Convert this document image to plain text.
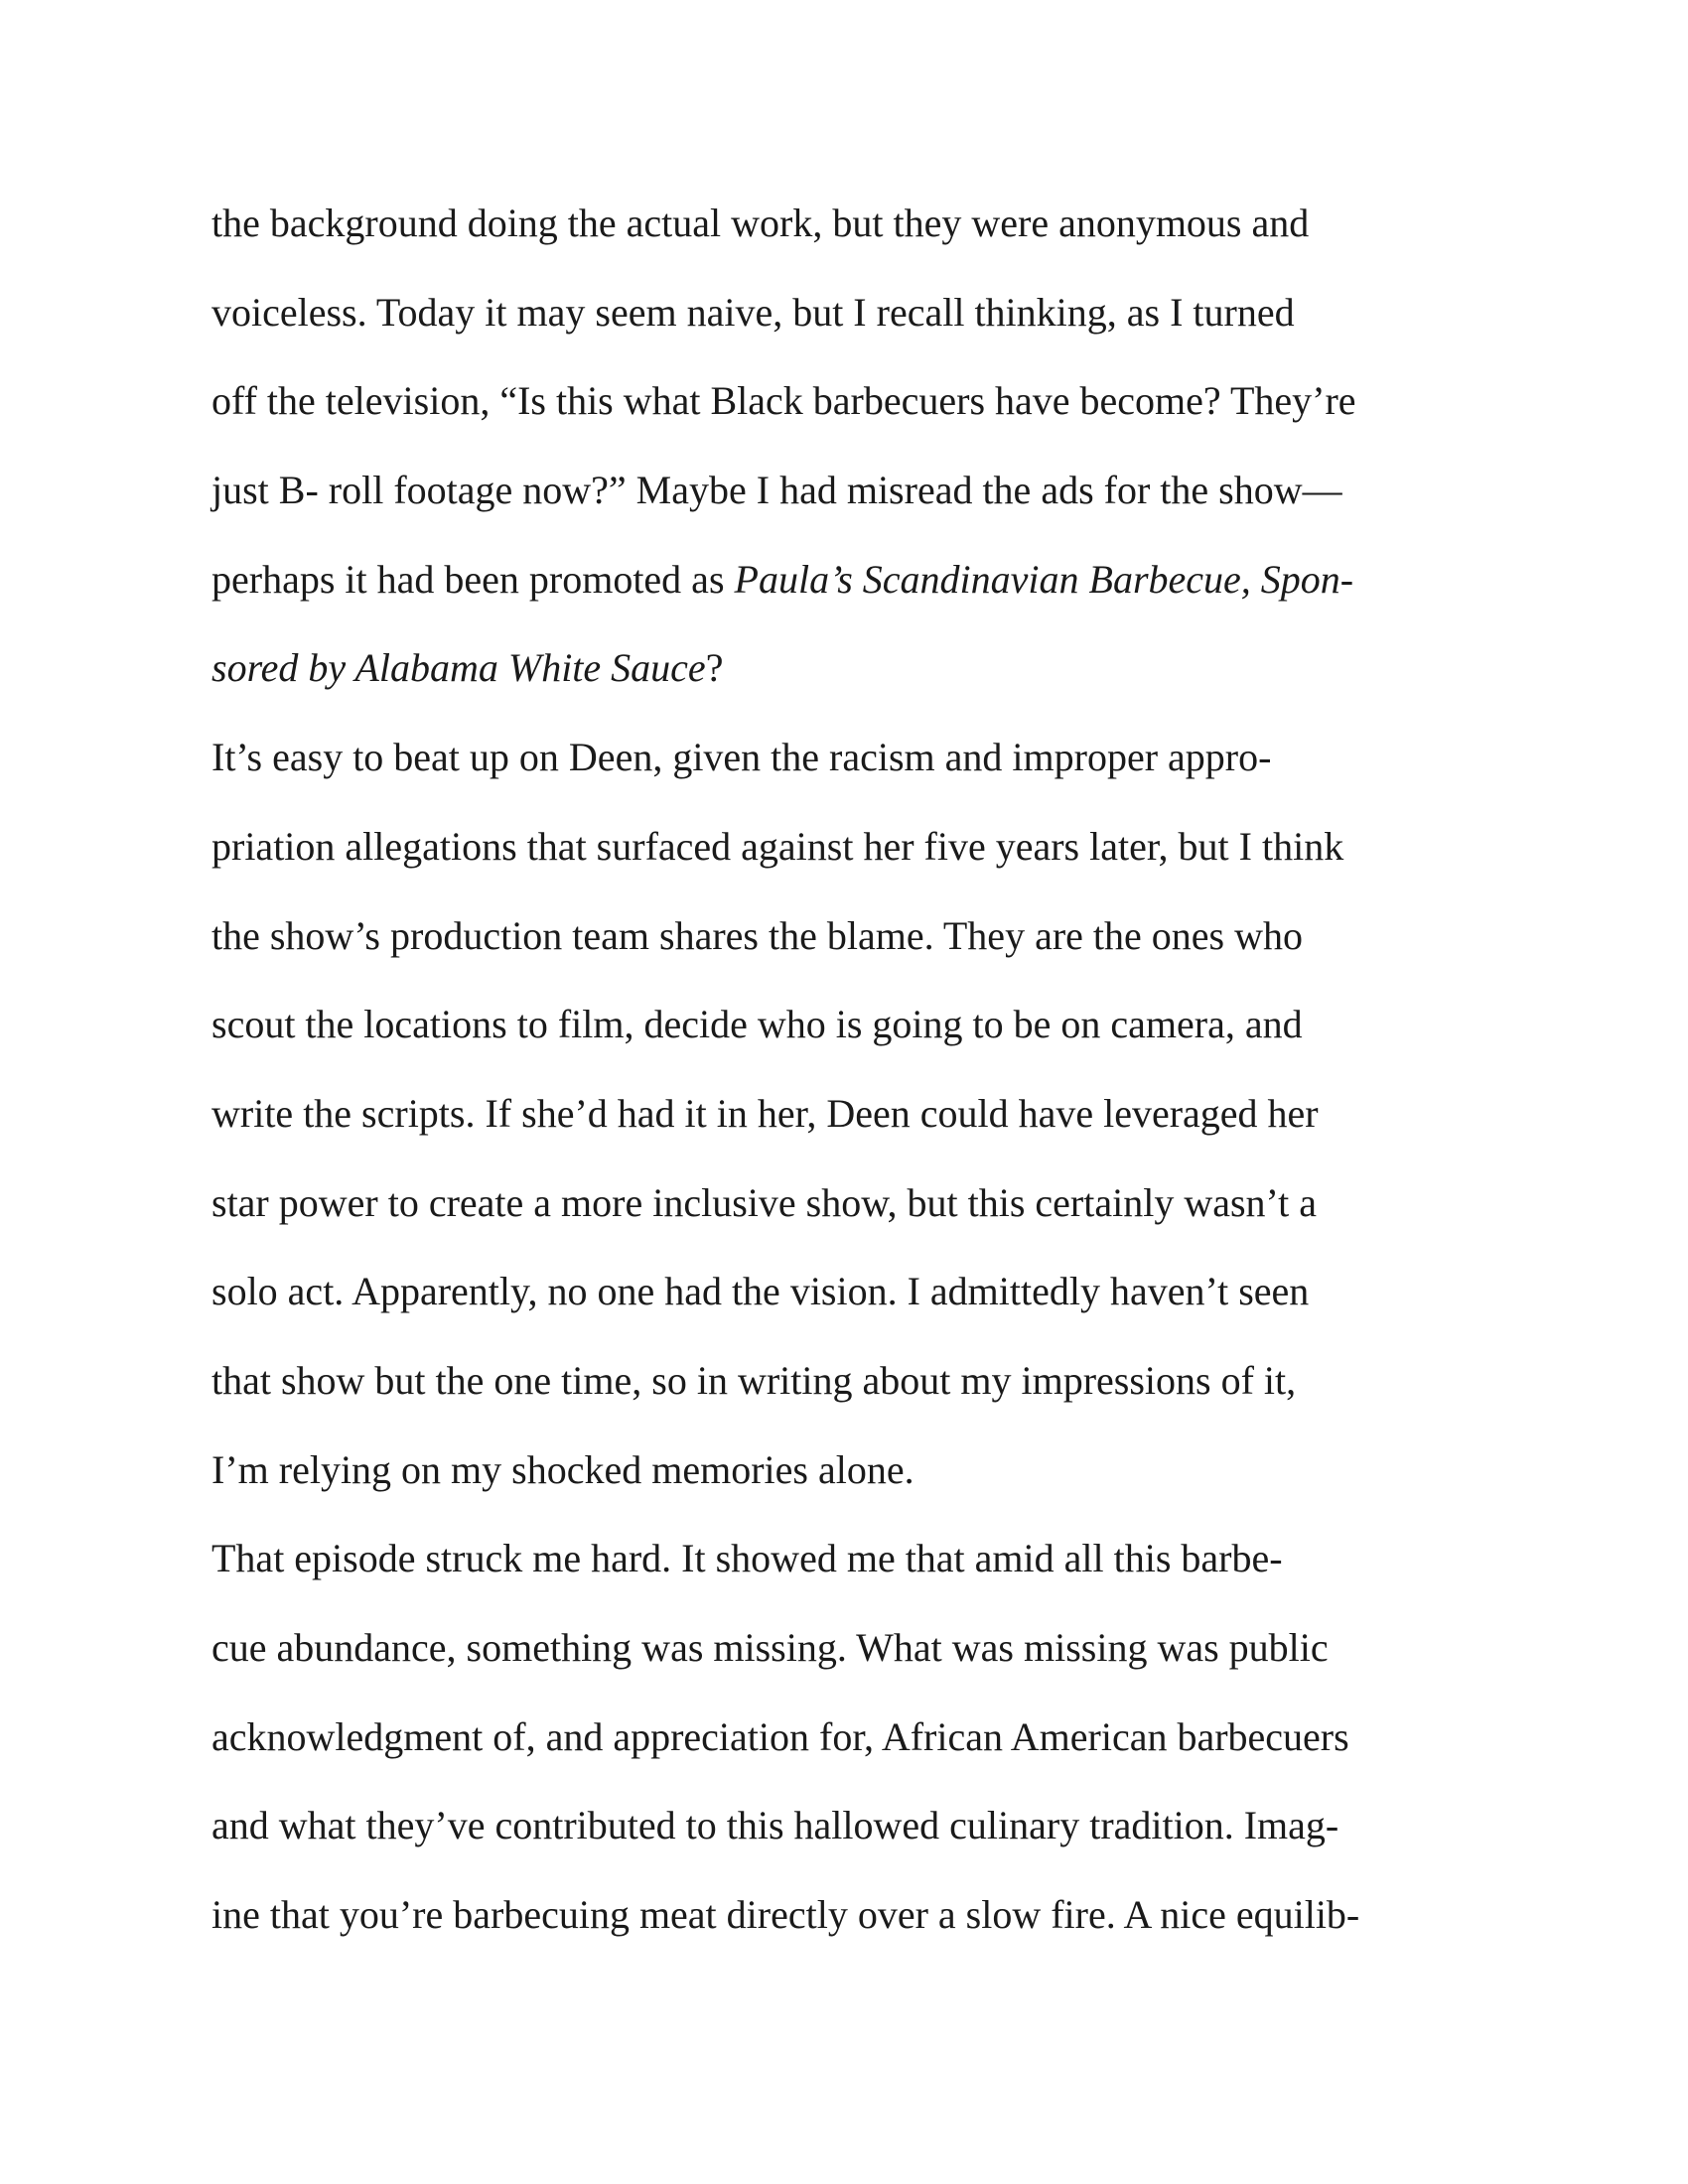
the background doing the actual work, but they were anonymous and
voiceless. Today it may seem naive, but I recall thinking, as I turned
off the television, “Is this what Black barbecuers have become? They’re
just B- roll footage now?” Maybe I had misread the ads for the show—
perhaps it had been promoted as Paula’s Scandinavian Barbecue, Spon-
sored by Alabama White Sauce?
It’s easy to beat up on Deen, given the racism and improper appro-
priation allegations that surfaced against her five years later, but I think
the show’s production team shares the blame. They are the ones who
scout the locations to film, decide who is going to be on camera, and
write the scripts. If she’d had it in her, Deen could have leveraged her
star power to create a more inclusive show, but this certainly wasn’t a
solo act. Apparently, no one had the vision. I admittedly haven’t seen
that show but the one time, so in writing about my impressions of it,
I’m relying on my shocked memories alone.
That episode struck me hard. It showed me that amid all this barbe-
cue abundance, something was missing. What was missing was public
acknowledgment of, and appreciation for, African American barbecuers
and what they’ve contributed to this hallowed culinary tradition. Imag-
ine that you’re barbecuing meat directly over a slow fire. A nice equilib-
